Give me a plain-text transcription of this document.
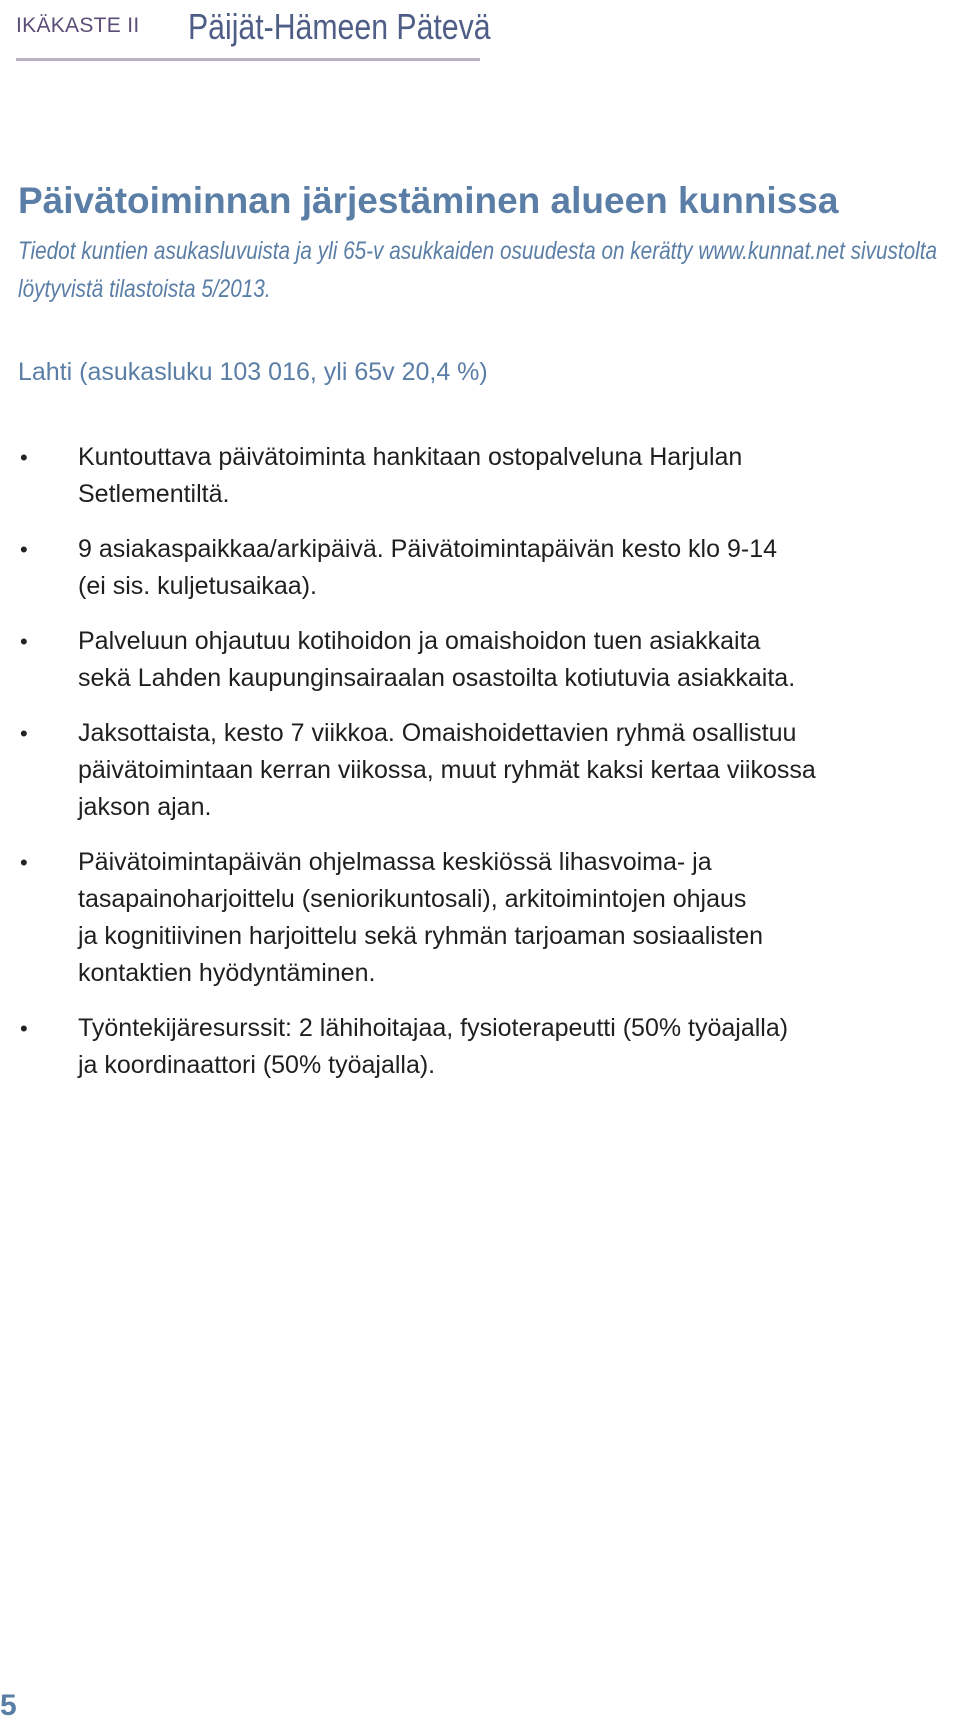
IKÄKASTE II Päijät-Hämeen Pätevä
Päivätoiminnan järjestäminen alueen kunnissa

Tiedot kuntien asukasluvuista ja yli 65-v asukkaiden osuudesta on kerätty www.kunnat.net sivustolta
löytyvistä tilastoista 5/2013.

Lahti (asukasluku 103 016, yli 65v 20,4 %)
• Kuntouttava päivätoiminta hankitaan ostopalveluna Harjulan
Setlementiltä.
• 9 asiakaspaikkaa/arkipäivä. Päivätoimintapäivän kesto klo 9-14
(ei sis. kuljetusaikaa).
• Palveluun ohjautuu kotihoidon ja omaishoidon tuen asiakkaita
sekä Lahden kaupunginsairaalan osastoilta kotiutuvia asiakkaita.
• Jaksottaista, kesto 7 viikkoa. Omaishoidettavien ryhmä osallistuu
päivätoimintaan kerran viikossa, muut ryhmät kaksi kertaa viikossa
jakson ajan.
• Päivätoimintapäivän ohjelmassa keskiössä lihasvoima- ja
tasapainoharjoittelu (seniorikuntosali), arkitoimintojen ohjaus
ja kognitiivinen harjoittelu sekä ryhmän tarjoaman sosiaalisten
kontaktien hyödyntäminen.
• Työntekijäresurssit: 2 lähihoitajaa, fysioterapeutti (50% työajalla)
ja koordinaattori (50% työajalla).
5
